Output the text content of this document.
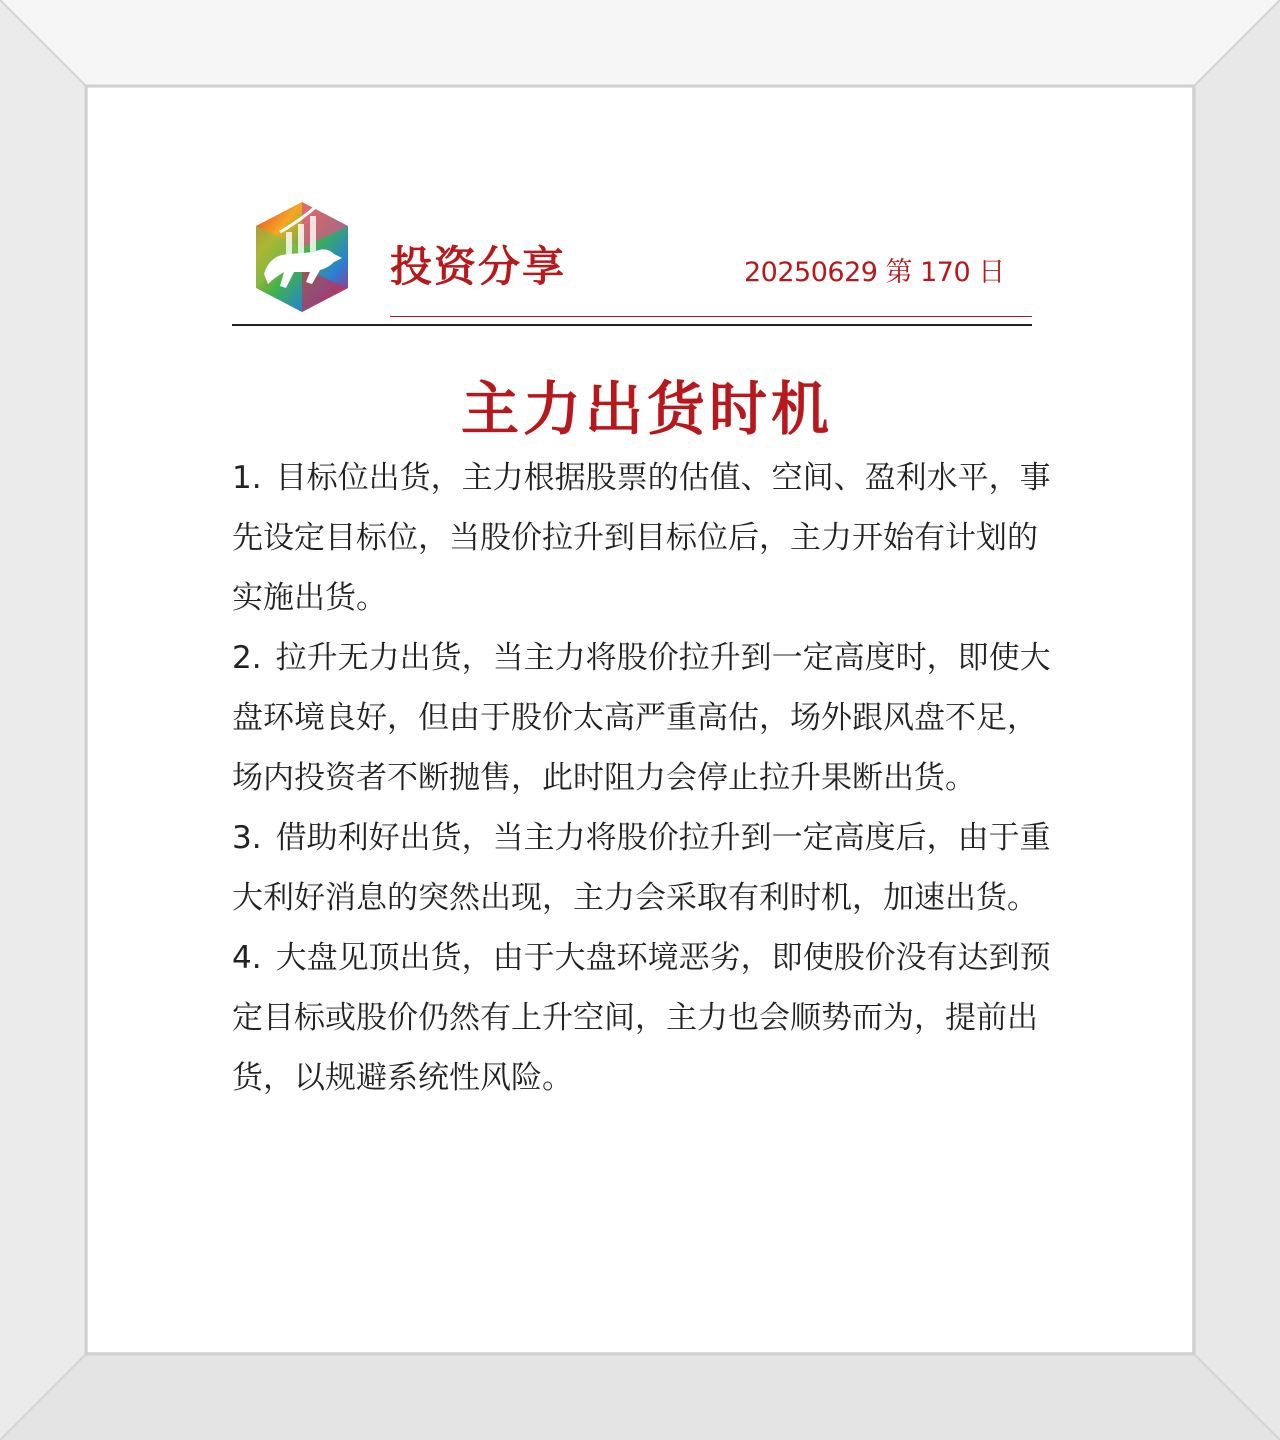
投资分享	20250629 第 170 日
主力出货时机

1. 目标位出货，主力根据股票的估值、空间、盈利水平，事先设定目标位，当股价拉升到目标位后，主力开始有计划的实施出货。

2. 拉升无力出货，当主力将股价拉升到一定高度时，即使大盘环境良好，但由于股价太高严重高估，场外跟风盘不足，场内投资者不断抛售，此时阻力会停止拉升果断出货。

3. 借助利好出货，当主力将股价拉升到一定高度后，由于重大利好消息的突然出现，主力会采取有利时机，加速出货。

4. 大盘见顶出货，由于大盘环境恶劣，即使股价没有达到预定目标或股价仍然有上升空间，主力也会顺势而为，提前出货，以规避系统性风险。
